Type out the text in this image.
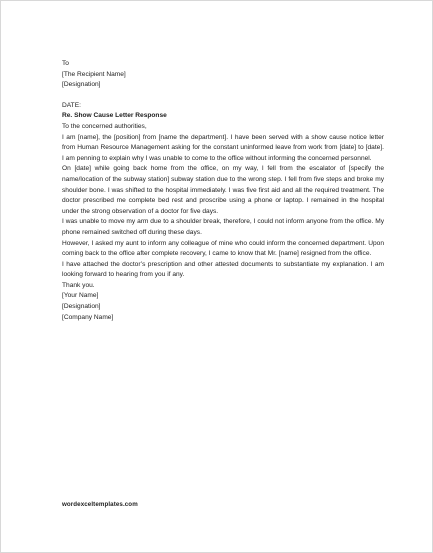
To

[The Recipient Name]

[Designation]

DATE:

Re. Show Cause Letter Response

To the concerned authorities,

I am [name], the [position] from [name the department]. I have been served with a show cause notice letter from Human Resource Management asking for the constant uninformed leave from work from [date] to [date]. I am penning to explain why I was unable to come to the office without informing the concerned personnel.

On [date] while going back home from the office, on my way, I fell from the escalator of [specify the name/location of the subway station] subway station due to the wrong step. I fell from five steps and broke my shoulder bone. I was shifted to the hospital immediately. I was five first aid and all the required treatment. The doctor prescribed me complete bed rest and proscribe using a phone or laptop. I remained in the hospital under the strong observation of a doctor for five days.

I was unable to move my arm due to a shoulder break, therefore, I could not inform anyone from the office. My phone remained switched off during these days.

However, I asked my aunt to inform any colleague of mine who could inform the concerned department. Upon coming back to the office after complete recovery, I came to know that Mr. [name] resigned from the office.

I have attached the doctor’s prescription and other attested documents to substantiate my explanation. I am looking forward to hearing from you if any.

Thank you.

[Your Name]

[Designation]

[Company Name]

wordexceltemplates.com
